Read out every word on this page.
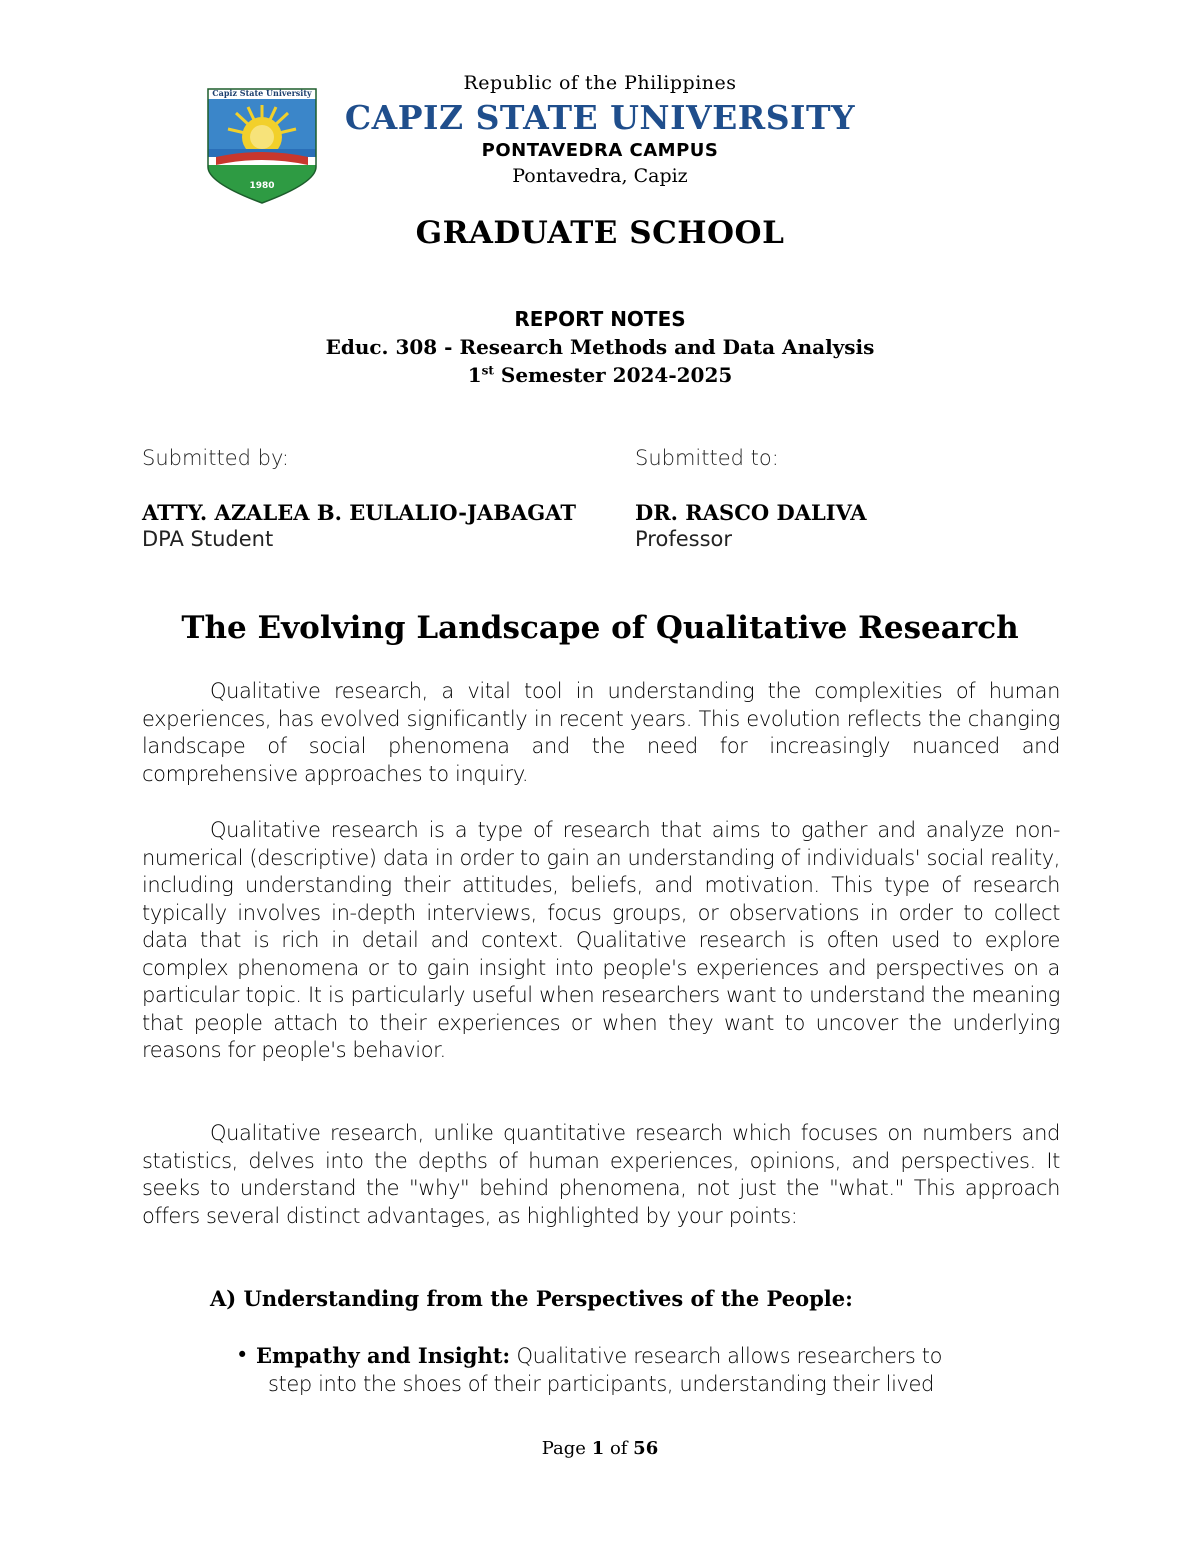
Capiz State University
1980
Republic of the Philippines
CAPIZ STATE UNIVERSITY
PONTAVEDRA CAMPUS
Pontavedra, Capiz
GRADUATE SCHOOL
REPORT NOTES
Educ. 308 - Research Methods and Data Analysis
1st Semester 2024-2025
Submitted by:	Submitted to:
ATTY. AZALEA B. EULALIO-JABAGAT	DR. RASCO DALIVA
DPA Student	Professor
The Evolving Landscape of Qualitative Research

Qualitative research, a vital tool in understanding the complexities of human experiences, has evolved significantly in recent years. This evolution reflects the changing landscape of social phenomena and the need for increasingly nuanced and comprehensive approaches to inquiry.

Qualitative research is a type of research that aims to gather and analyze non-numerical (descriptive) data in order to gain an understanding of individuals' social reality, including understanding their attitudes, beliefs, and motivation. This type of research typically involves in-depth interviews, focus groups, or observations in order to collect data that is rich in detail and context. Qualitative research is often used to explore complex phenomena or to gain insight into people's experiences and perspectives on a particular topic. It is particularly useful when researchers want to understand the meaning that people attach to their experiences or when they want to uncover the underlying reasons for people's behavior.

Qualitative research, unlike quantitative research which focuses on numbers and statistics, delves into the depths of human experiences, opinions, and perspectives. It seeks to understand the "why" behind phenomena, not just the "what." This approach offers several distinct advantages, as highlighted by your points:

A) Understanding from the Perspectives of the People:
• Empathy and Insight: Qualitative research allows researchers to
step into the shoes of their participants, understanding their lived
Page 1 of 56
